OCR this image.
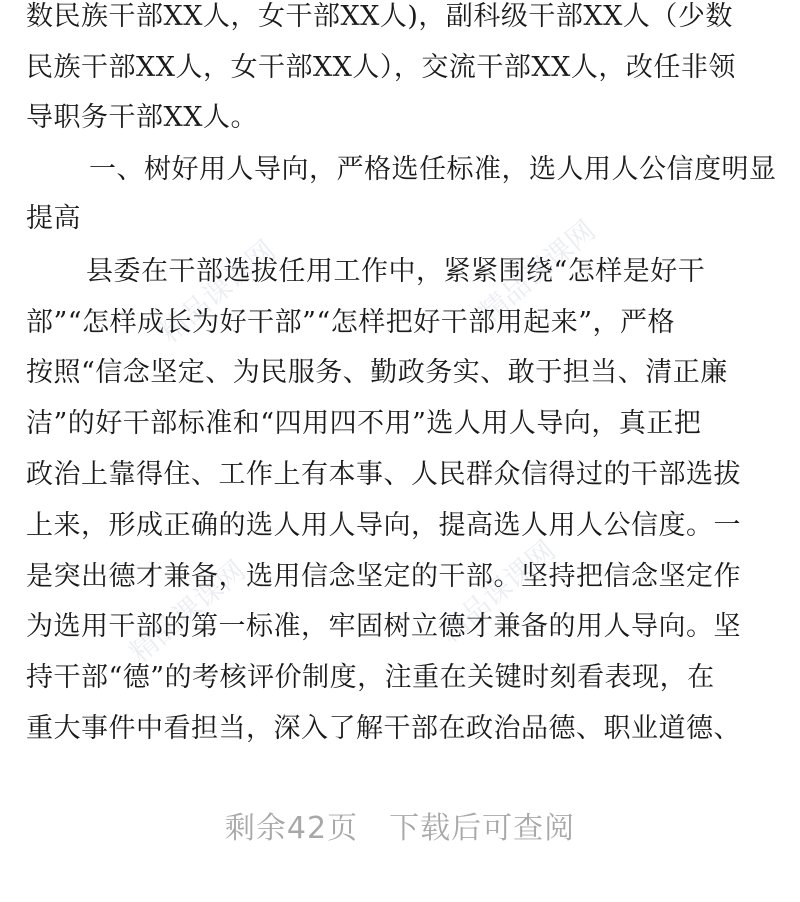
精品课课网	精品课课网
精品课课网	精品课课网
数民族干部XX人，女干部XX人)，副科级干部XX人（少数
民族干部XX人，女干部XX人），交流干部XX人，改任非领
导职务干部XX人。
一、树好用人导向，严格选任标准，选人用人公信度明显
提高
县委在干部选拔任用工作中，紧紧围绕“怎样是好干
部”“怎样成长为好干部”“怎样把好干部用起来”，严格
按照“信念坚定、为民服务、勤政务实、敢于担当、清正廉
洁”的好干部标准和“四用四不用”选人用人导向，真正把
政治上靠得住、工作上有本事、人民群众信得过的干部选拔
上来，形成正确的选人用人导向，提高选人用人公信度。一
是突出德才兼备，选用信念坚定的干部。坚持把信念坚定作
为选用干部的第一标准，牢固树立德才兼备的用人导向。坚
持干部“德”的考核评价制度，注重在关键时刻看表现，在
重大事件中看担当，深入了解干部在政治品德、职业道德、
剩余42页　下载后可查阅
